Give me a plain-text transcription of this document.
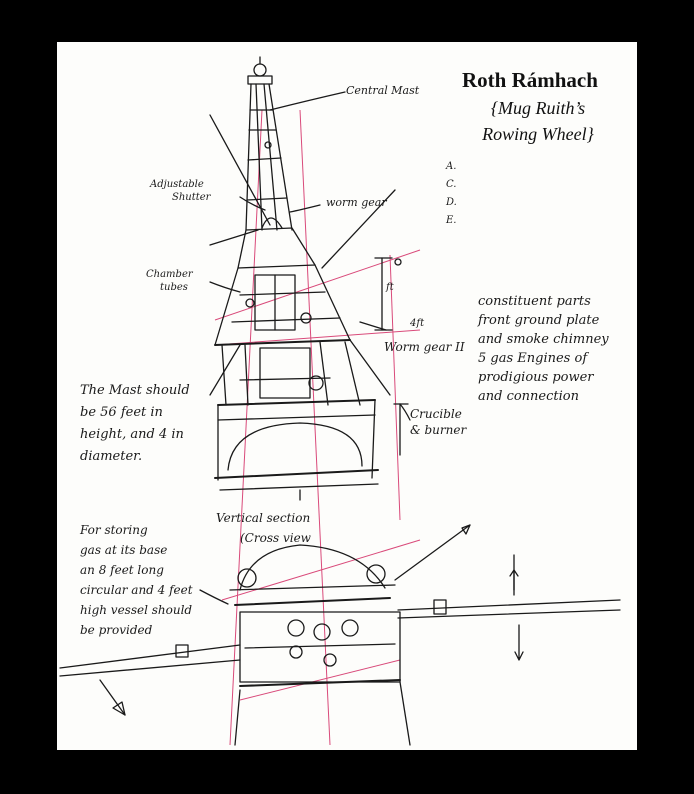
Roth Rámhach
{Mug Ruith’s
Rowing Wheel}
Central Mast
Adjustable
Shutter	worm gear
A.
C.
D.
E.
Chamber
tubes
constituent parts
front ground plate
and smoke chimney
5 gas Engines of
prodigious power
and connection
ft
4ft
Worm gear II
The Mast should
be 56 feet in
height, and 4 in
diameter.
Crucible
& burner
Vertical section
(Cross view
For storing
gas at its base
an 8 feet long
circular and 4 feet
high vessel should
be provided
